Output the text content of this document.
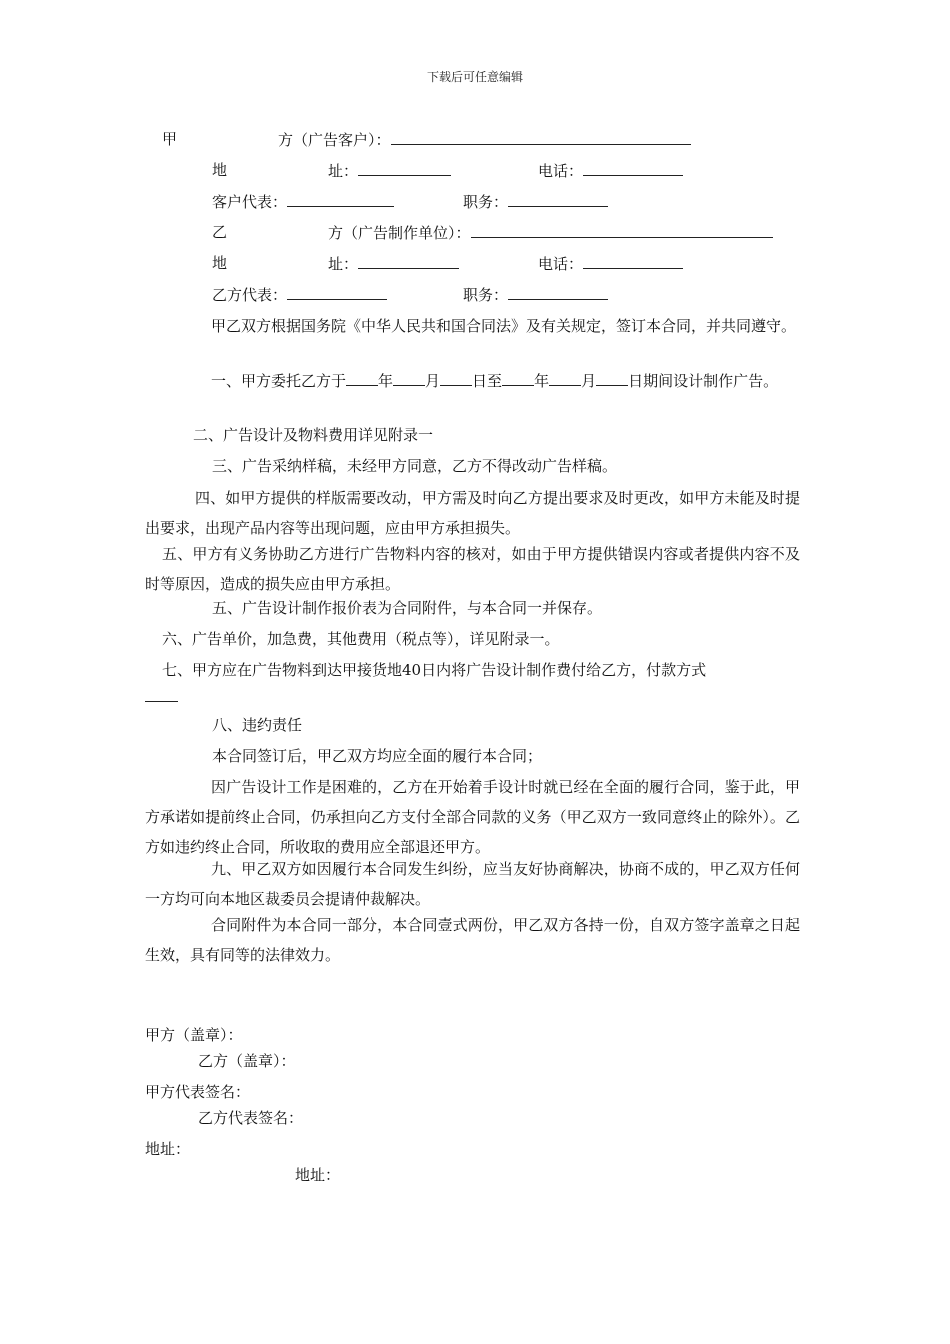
下载后可任意编辑
甲	方（广告客户）：
地	址：	电话：
客户代表：	职务：
乙	方（广告制作单位）：
地	址：	电话：
乙方代表：	职务：
甲乙双方根据国务院《中华人民共和国合同法》及有关规定，签订本合同，并共同遵守。
一、甲方委托乙方于 年 月 日至 年 月 日期间设计制作广告。
二、广告设计及物料费用详见附录一
三、广告采纳样稿，未经甲方同意，乙方不得改动广告样稿。
四、如甲方提供的样版需要改动，甲方需及时向乙方提出要求及时更改，如甲方未能及时提出要求，出现产品内容等出现问题，应由甲方承担损失。
五、甲方有义务协助乙方进行广告物料内容的核对，如由于甲方提供错误内容或者提供内容不及时等原因，造成的损失应由甲方承担。
五、广告设计制作报价表为合同附件，与本合同一并保存。
六、广告单价，加急费，其他费用（税点等），详见附录一。
七、甲方应在广告物料到达甲接货地40日内将广告设计制作费付给乙方，付款方式
八、违约责任
本合同签订后，甲乙双方均应全面的履行本合同；
因广告设计工作是困难的，乙方在开始着手设计时就已经在全面的履行合同，鉴于此，甲方承诺如提前终止合同，仍承担向乙方支付全部合同款的义务（甲乙双方一致同意终止的除外）。乙方如违约终止合同，所收取的费用应全部退还甲方。
九、甲乙双方如因履行本合同发生纠纷，应当友好协商解决，协商不成的，甲乙双方任何一方均可向本地区裁委员会提请仲裁解决。
合同附件为本合同一部分，本合同壹式两份，甲乙双方各持一份，自双方签字盖章之日起生效，具有同等的法律效力。
甲方（盖章）：
乙方（盖章）：
甲方代表签名：
乙方代表签名：
地址：
地址：
